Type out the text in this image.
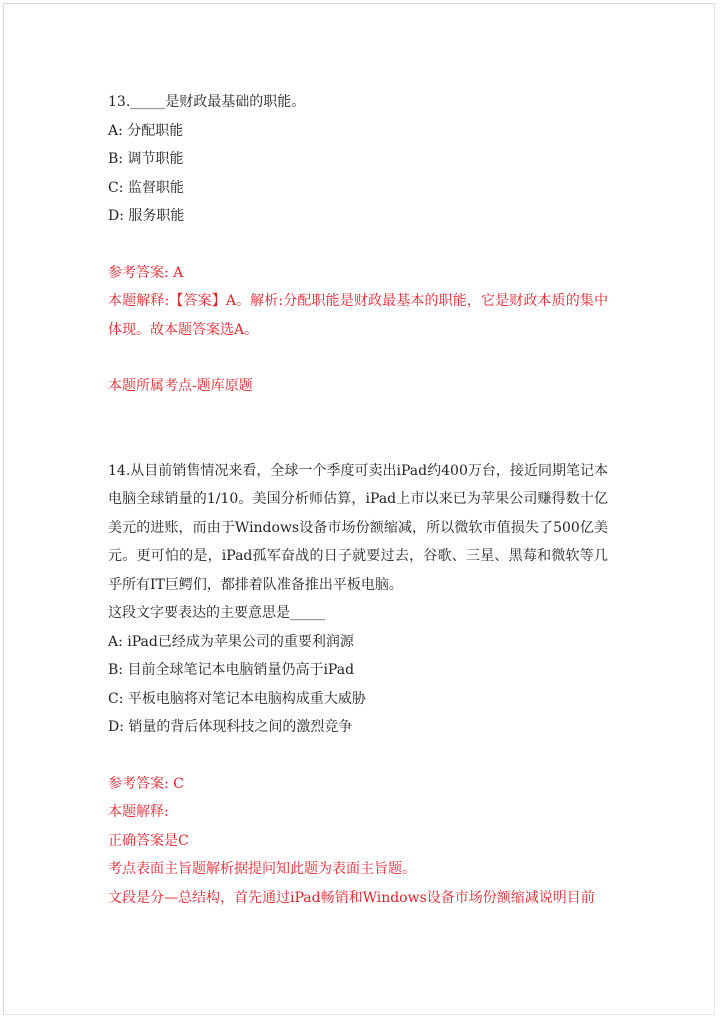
13._____是财政最基础的职能。
A: 分配职能
B: 调节职能
C: 监督职能
D: 服务职能
参考答案: A
本题解释:【答案】A。解析:分配职能是财政最基本的职能，它是财政本质的集中体现。故本题答案选A。
本题所属考点-题库原题
14.从目前销售情况来看，全球一个季度可卖出iPad约400万台，接近同期笔记本电脑全球销量的1/10。美国分析师估算，iPad上市以来已为苹果公司赚得数十亿美元的进账，而由于Windows设备市场份额缩减，所以微软市值损失了500亿美元。更可怕的是，iPad孤军奋战的日子就要过去，谷歌、三星、黑莓和微软等几乎所有IT巨鳄们，都排着队准备推出平板电脑。
这段文字要表达的主要意思是_____
A: iPad已经成为苹果公司的重要利润源
B: 目前全球笔记本电脑销量仍高于iPad
C: 平板电脑将对笔记本电脑构成重大威胁
D: 销量的背后体现科技之间的激烈竞争
参考答案: C
本题解释:
正确答案是C
考点表面主旨题解析据提问知此题为表面主旨题。
文段是分—总结构，首先通过iPad畅销和Windows设备市场份额缩减说明目前
